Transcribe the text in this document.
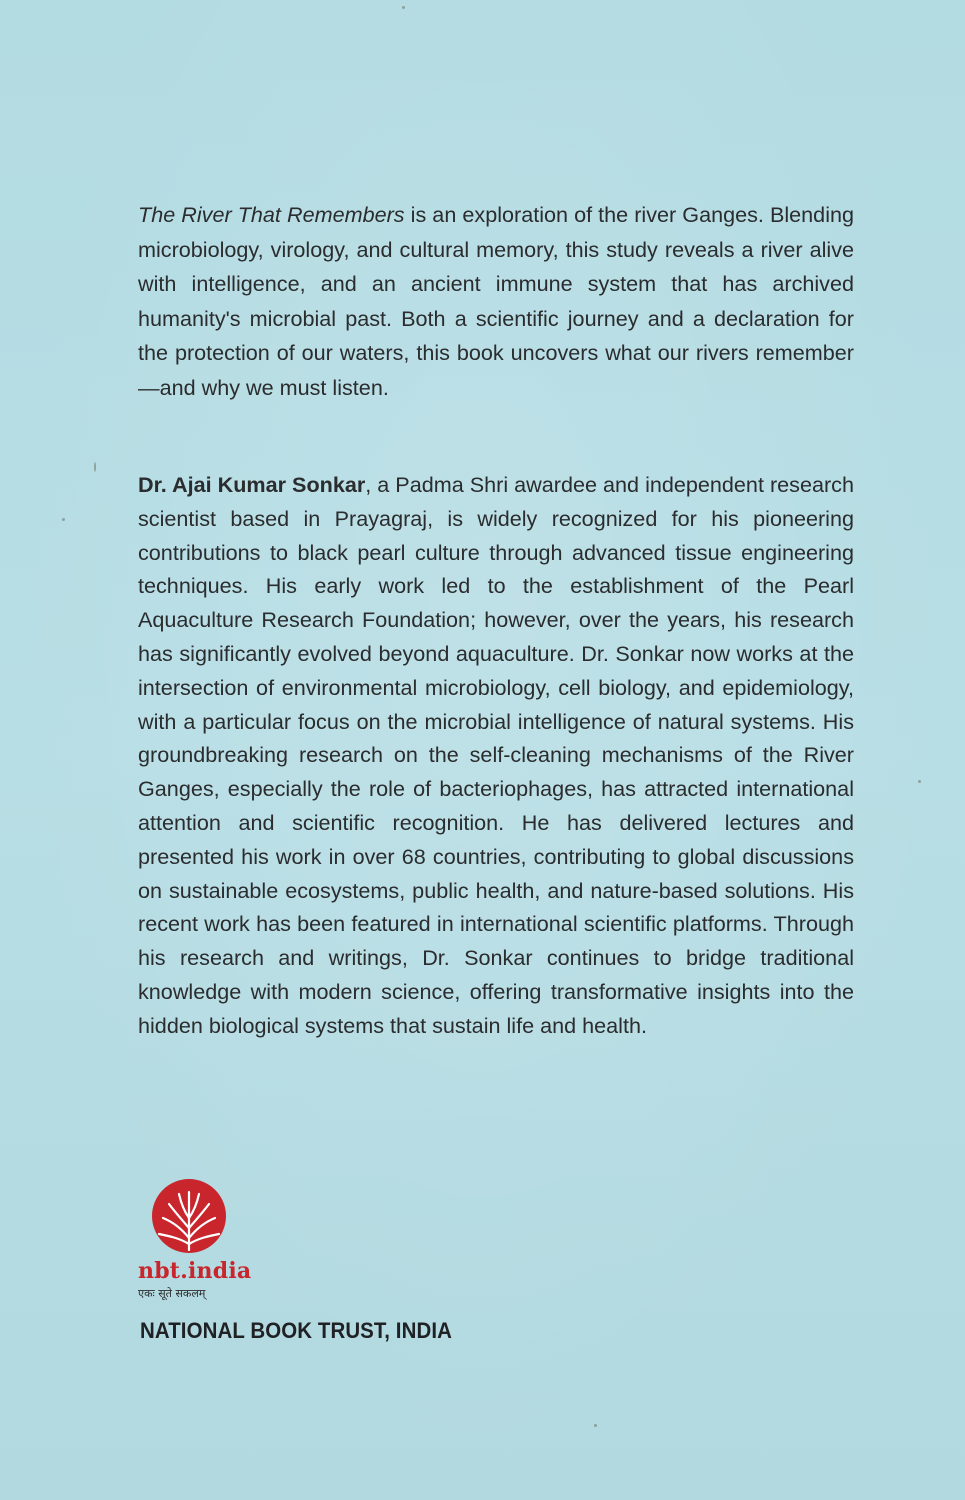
The River That Remembers is an exploration of the river Ganges. Blending microbiology, virology, and cultural memory, this study reveals a river alive with intelligence, and an ancient immune system that has archived humanity's microbial past. Both a scientific journey and a declaration for the protection of our waters, this book uncovers what our rivers remember—and why we must listen.

Dr. Ajai Kumar Sonkar, a Padma Shri awardee and independent research scientist based in Prayagraj, is widely recognized for his pioneering contributions to black pearl culture through advanced tissue engineering techniques. His early work led to the establishment of the Pearl Aquaculture Research Foundation; however, over the years, his research has significantly evolved beyond aquaculture. Dr. Sonkar now works at the intersection of environmental microbiology, cell biology, and epidemiology, with a particular focus on the microbial intelligence of natural systems. His groundbreaking research on the self-cleaning mechanisms of the River Ganges, especially the role of bacteriophages, has attracted international attention and scientific recognition. He has delivered lectures and presented his work in over 68 countries, contributing to global discussions on sustainable ecosystems, public health, and nature-based solutions. His recent work has been featured in international scientific platforms. Through his research and writings, Dr. Sonkar continues to bridge traditional knowledge with modern science, offering transformative insights into the hidden biological systems that sustain life and health.

nbt.india
एकः सूते सकलम्

NATIONAL BOOK TRUST, INDIA
